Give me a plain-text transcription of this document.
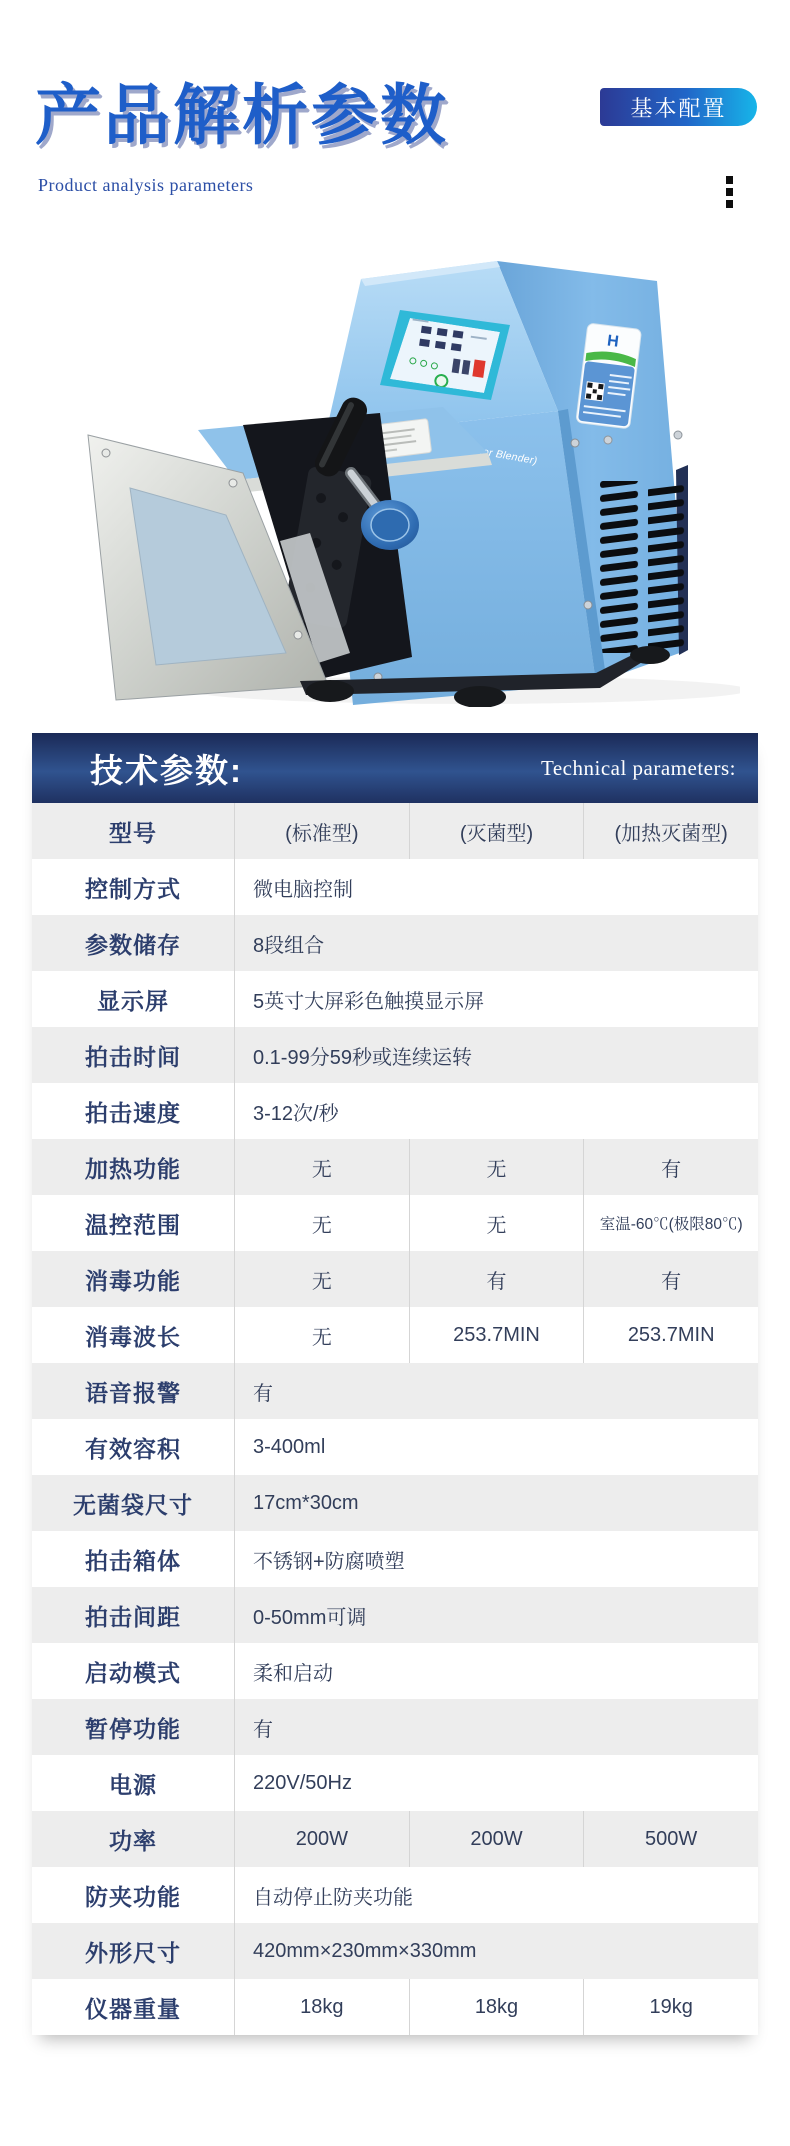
产品解析参数
Product analysis parameters
基本配置
H
Blender)
技术参数:	Technical parameters:
型号	(标准型)	(灭菌型)	(加热灭菌型)
控制方式	微电脑控制
参数储存	8段组合
显示屏	5英寸大屏彩色触摸显示屏
拍击时间	0.1-99分59秒或连续运转
拍击速度	3-12次/秒
加热功能	无	无	有
温控范围	无	无	室温-60℃(极限80℃)
消毒功能	无	有	有
消毒波长	无	253.7MIN	253.7MIN
语音报警	有
有效容积	3-400ml
无菌袋尺寸	17cm*30cm
拍击箱体	不锈钢+防腐喷塑
拍击间距	0-50mm可调
启动模式	柔和启动
暂停功能	有
电源	220V/50Hz
功率	200W	200W	500W
防夹功能	自动停止防夹功能
外形尺寸	420mm×230mm×330mm
仪器重量	18kg	18kg	19kg
